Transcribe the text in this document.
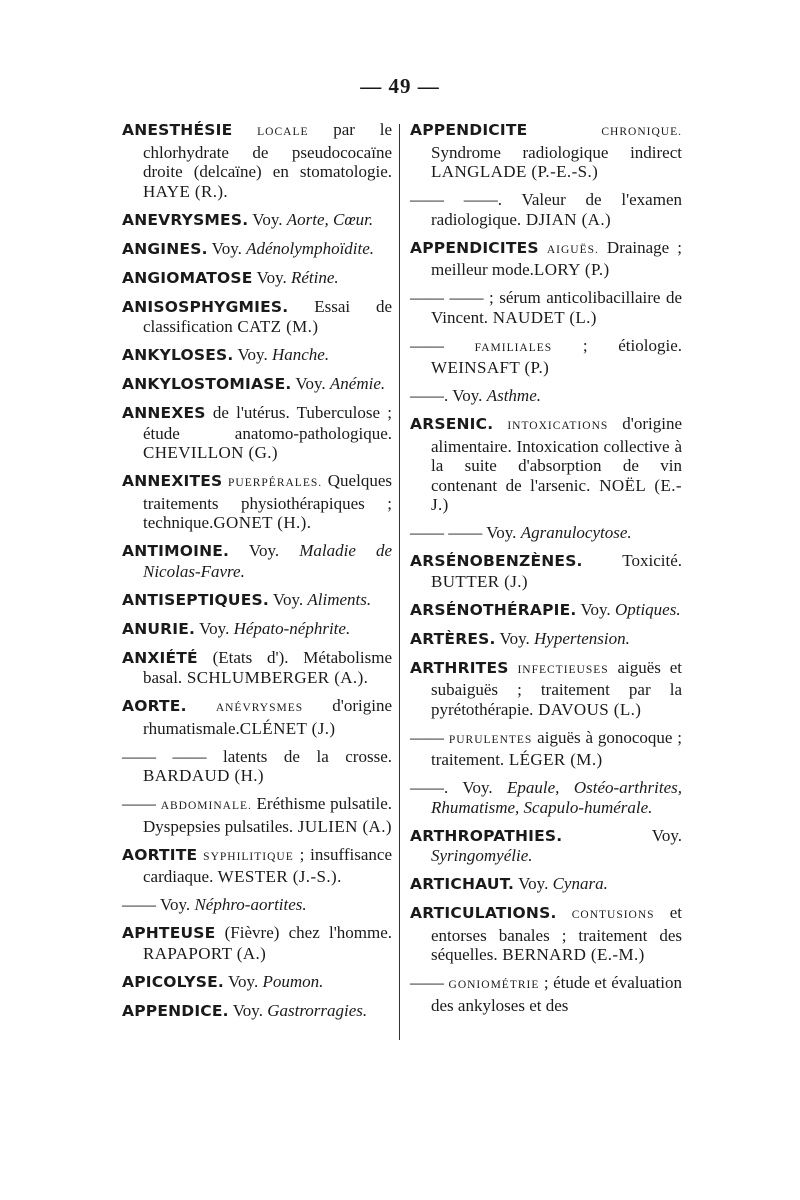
— 49 —

ANESTHÉSIE LOCALE par le chlorhydrate de pseudococaïne droite (delcaïne) en stomatologie. HAYE (R.).

ANEVRYSMES. Voy. Aorte, Cœur.

ANGINES. Voy. Adénolymphoïdite.

ANGIOMATOSE Voy. Rétine.

ANISOSPHYGMIES. Essai de classification CATZ (M.)

ANKYLOSES. Voy. Hanche.

ANKYLOSTOMIASE. Voy. Anémie.

ANNEXES de l'utérus. Tuberculose ; étude anatomo-pathologique. CHEVILLON (G.)

ANNEXITES PUERPÉRALES. Quelques traitements physiothérapiques ; technique.GONET (H.).

ANTIMOINE. Voy. Maladie de Nicolas-Favre.

ANTISEPTIQUES. Voy. Aliments.

ANURIE. Voy. Hépato-néphrite.

ANXIÉTÉ (Etats d'). Métabolisme basal. SCHLUMBERGER (A.).

AORTE.	ANÉVRYSMES d'origine rhumatismale.CLÉNET (J.)

—— —— latents de la crosse. BARDAUD (H.)

—— ABDOMINALE. Eréthisme pulsatile. Dyspepsies pulsatiles. JULIEN (A.)

AORTITE SYPHILITIQUE ; insuffisance cardiaque. WESTER (J.-S.).

—— Voy. Néphro-aortites.

APHTEUSE (Fièvre) chez l'homme. RAPAPORT (A.)

APICOLYSE. Voy. Poumon.

APPENDICE. Voy. Gastrorragies.

APPENDICITE	CHRONIQUE. Syndrome radiologique indirect LANGLADE (P.-E.-S.)

—— ——. Valeur de l'examen radiologique. DJIAN (A.)

APPENDICITES AIGUËS. Drainage ; meilleur mode.LORY (P.)

—— —— ; sérum anticolibacillaire de Vincent. NAUDET (L.)

——	FAMILIALES ; étiologie. WEINSAFT (P.)

——. Voy. Asthme.

ARSENIC. INTOXICATIONS d'origine alimentaire. Intoxication collective à la suite d'absorption de vin contenant de l'arsenic. NOËL (E.-J.)

—— —— Voy. Agranulocytose.

ARSÉNOBENZÈNES. Toxicité. BUTTER (J.)

ARSÉNOTHÉRAPIE. Voy. Optiques.

ARTÈRES. Voy. Hypertension.

ARTHRITES INFECTIEUSES aiguës et subaiguës ; traitement par la pyrétothérapie. DAVOUS (L.)

—— PURULENTES aiguës à gonocoque ; traitement. LÉGER (M.)

——. Voy. Epaule, Ostéo-arthrites, Rhumatisme, Scapulo-humérale.

ARTHROPATHIES. Voy. Syringomyélie.

ARTICHAUT. Voy. Cynara.

ARTICULATIONS. CONTUSIONS et entorses banales ; traitement des séquelles. BERNARD (E.-M.)

—— GONIOMÉTRIE ; étude et évaluation des ankyloses et des
